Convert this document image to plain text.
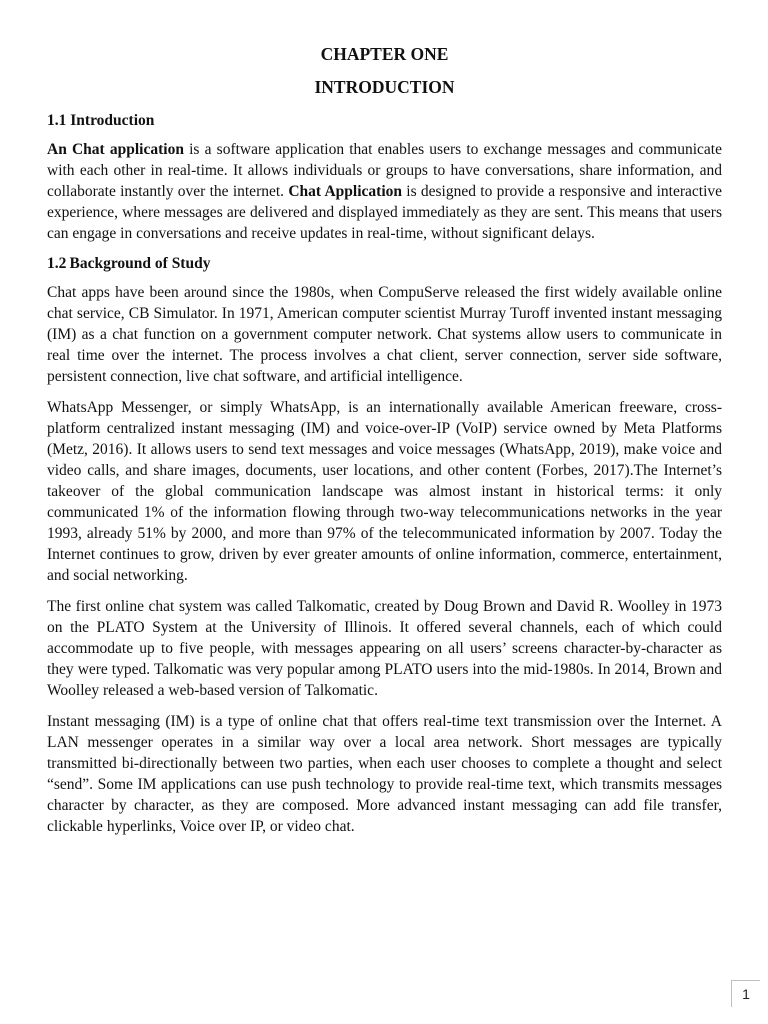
CHAPTER ONE
INTRODUCTION
1.1 Introduction

An Chat application is a software application that enables users to exchange messages and communicate with each other in real-time. It allows individuals or groups to have conversations, share information, and collaborate instantly over the internet. Chat Application is designed to provide a responsive and interactive experience, where messages are delivered and displayed immediately as they are sent. This means that users can engage in conversations and receive updates in real-time, without significant delays.

1.2 Background of Study

Chat apps have been around since the 1980s, when CompuServe released the first widely available online chat service, CB Simulator. In 1971, American computer scientist Murray Turoff invented instant messaging (IM) as a chat function on a government computer network. Chat systems allow users to communicate in real time over the internet. The process involves a chat client, server connection, server side software, persistent connection, live chat software, and artificial intelligence.

WhatsApp Messenger, or simply WhatsApp, is an internationally available American freeware, cross-platform centralized instant messaging (IM) and voice-over-IP (VoIP) service owned by Meta Platforms (Metz, 2016). It allows users to send text messages and voice messages (WhatsApp, 2019), make voice and video calls, and share images, documents, user locations, and other content (Forbes, 2017).The Internet’s takeover of the global communication landscape was almost instant in historical terms: it only communicated 1% of the information flowing through two-way telecommunications networks in the year 1993, already 51% by 2000, and more than 97% of the telecommunicated information by 2007. Today the Internet continues to grow, driven by ever greater amounts of online information, commerce, entertainment, and social networking.

The first online chat system was called Talkomatic, created by Doug Brown and David R. Woolley in 1973 on the PLATO System at the University of Illinois. It offered several channels, each of which could accommodate up to five people, with messages appearing on all users’ screens character-by-character as they were typed. Talkomatic was very popular among PLATO users into the mid-1980s. In 2014, Brown and Woolley released a web-based version of Talkomatic.

Instant messaging (IM) is a type of online chat that offers real-time text transmission over the Internet. A LAN messenger operates in a similar way over a local area network. Short messages are typically transmitted bi-directionally between two parties, when each user chooses to complete a thought and select “send”. Some IM applications can use push technology to provide real-time text, which transmits messages character by character, as they are composed. More advanced instant messaging can add file transfer, clickable hyperlinks, Voice over IP, or video chat.

1
